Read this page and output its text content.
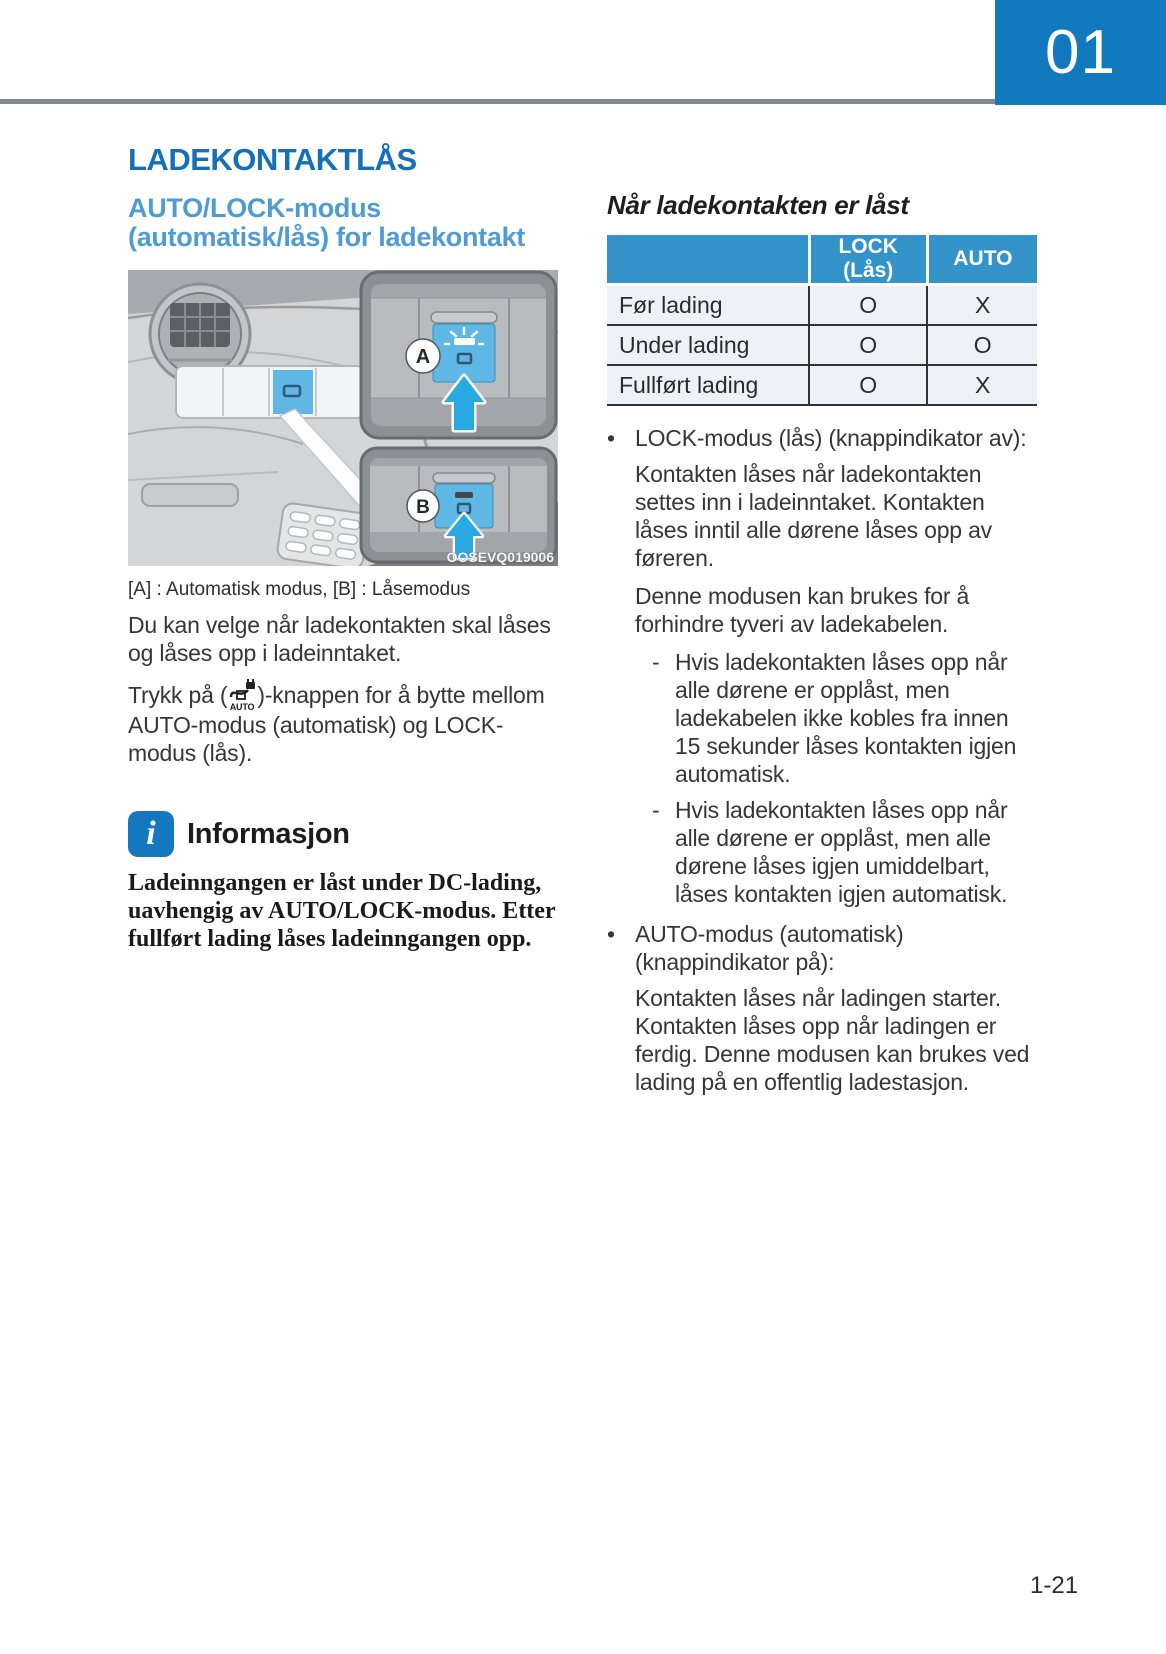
01
LADEKONTAKTLÅS
AUTO/LOCK-modus (automatisk/lås) for ladekontakt
A
B
OOSEVQ019006
[A] : Automatisk modus, [B] : Låsemodus

Du kan velge når ladekontakten skal låses og låses opp i ladeinntaket.

Trykk på ( AUTO )-knappen for å bytte mellom AUTO-modus (automatisk) og LOCK-modus (lås).

i	Informasjon
Ladeinngangen er låst under DC-lading, uavhengig av AUTO/LOCK-modus. Etter fullført lading låses ladeinngangen opp.
Når ladekontakten er låst
	LOCK (Lås)	AUTO
Før lading	O	X
Under lading	O	O
Fullført lading	O	X
• LOCK-modus (lås) (knappindikator av):

Kontakten låses når ladekontakten settes inn i ladeinntaket. Kontakten låses inntil alle dørene låses opp av føreren.

Denne modusen kan brukes for å forhindre tyveri av ladekabelen.

- Hvis ladekontakten låses opp når alle dørene er opplåst, men ladekabelen ikke kobles fra innen 15 sekunder låses kontakten igjen automatisk.
- Hvis ladekontakten låses opp når alle dørene er opplåst, men alle dørene låses igjen umiddelbart, låses kontakten igjen automatisk.
• AUTO-modus (automatisk) (knappindikator på):

Kontakten låses når ladingen starter. Kontakten låses opp når ladingen er ferdig. Denne modusen kan brukes ved lading på en offentlig ladestasjon.

1-21
